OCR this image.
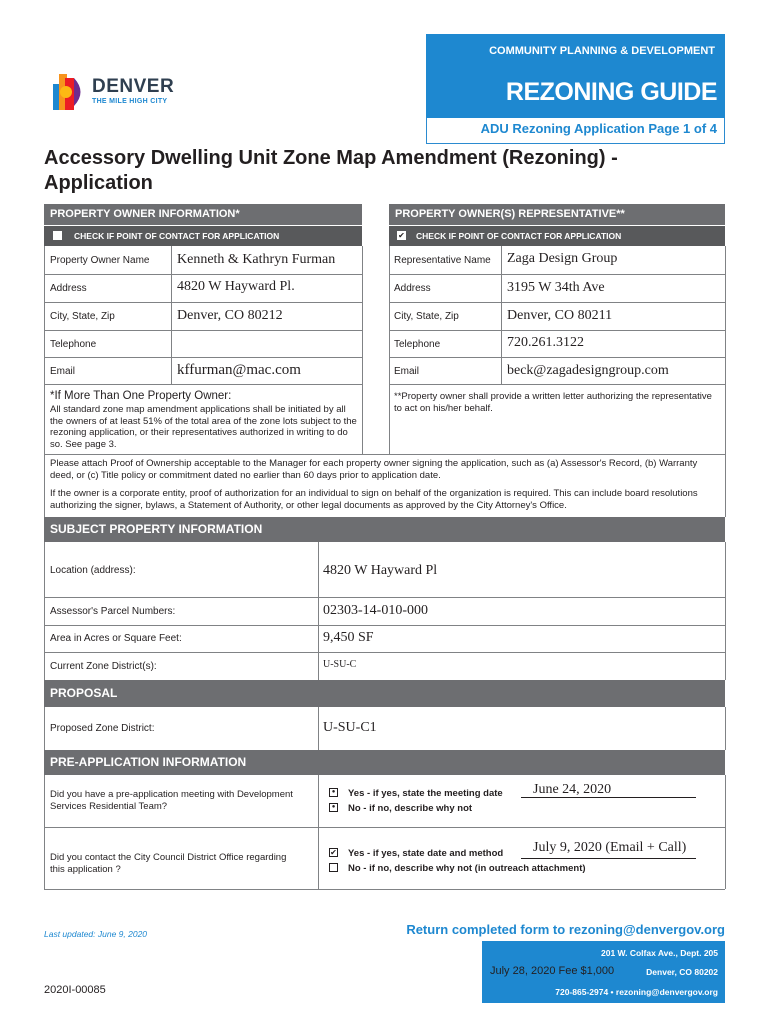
COMMUNITY PLANNING & DEVELOPMENT
REZONING GUIDE
ADU Rezoning Application Page 1 of 4
DENVER
THE MILE HIGH CITY
Accessory Dwelling Unit Zone Map Amendment (Rezoning) - Application
PROPERTY OWNER INFORMATION*
CHECK IF POINT OF CONTACT FOR APPLICATION
PROPERTY OWNER(S) REPRESENTATIVE**
✔ CHECK IF POINT OF CONTACT FOR APPLICATION
Property Owner Name Kenneth & Kathryn Furman
Address	4820 W Hayward Pl.
City, State, Zip	Denver, CO 80212
Telephone
Email	kffurman@mac.com
*If More Than One Property Owner:
All standard zone map amendment applications shall be initiated by all the owners of at least 51% of the total area of the zone lots subject to the rezoning application, or their representatives authorized in writing to do so. See page 3.
Representative Name Zaga Design Group
Address	3195 W 34th Ave
City, State, Zip	Denver, CO 80211
Telephone	720.261.3122
Email	beck@zagadesigngroup.com
**Property owner shall provide a written letter authorizing the representative to act on his/her behalf.
Please attach Proof of Ownership acceptable to the Manager for each property owner signing the application, such as (a) Assessor's Record, (b) Warranty deed, or (c) Title policy or commitment dated no earlier than 60 days prior to application date.
If the owner is a corporate entity, proof of authorization for an individual to sign on behalf of the organization is required. This can include board resolutions authorizing the signer, bylaws, a Statement of Authority, or other legal documents as approved by the City Attorney's Office.
SUBJECT PROPERTY INFORMATION
Location (address):	4820 W Hayward Pl
Assessor's Parcel Numbers:	02303-14-010-000
Area in Acres or Square Feet:	9,450 SF
Current Zone District(s):	U-SU-C
PROPOSAL
Proposed Zone District:	U-SU-C1
PRE-APPLICATION INFORMATION
Did you have a pre-application meeting with Development Services Residential Team?
● Yes - if yes, state the meeting date
● No - if no, describe why not
June 24, 2020
Did you contact the City Council District Office regarding this application ?
✔ Yes - if yes, state date and method
No - if no, describe why not (in outreach attachment)
July 9, 2020 (Email + Call)
Last updated: June 9, 2020	Return completed form to rezoning@denvergov.org
201 W. Colfax Ave., Dept. 205
Denver, CO 80202
720-865-2974 • rezoning@denvergov.org
July 28, 2020 Fee $1,000
2020I-00085
